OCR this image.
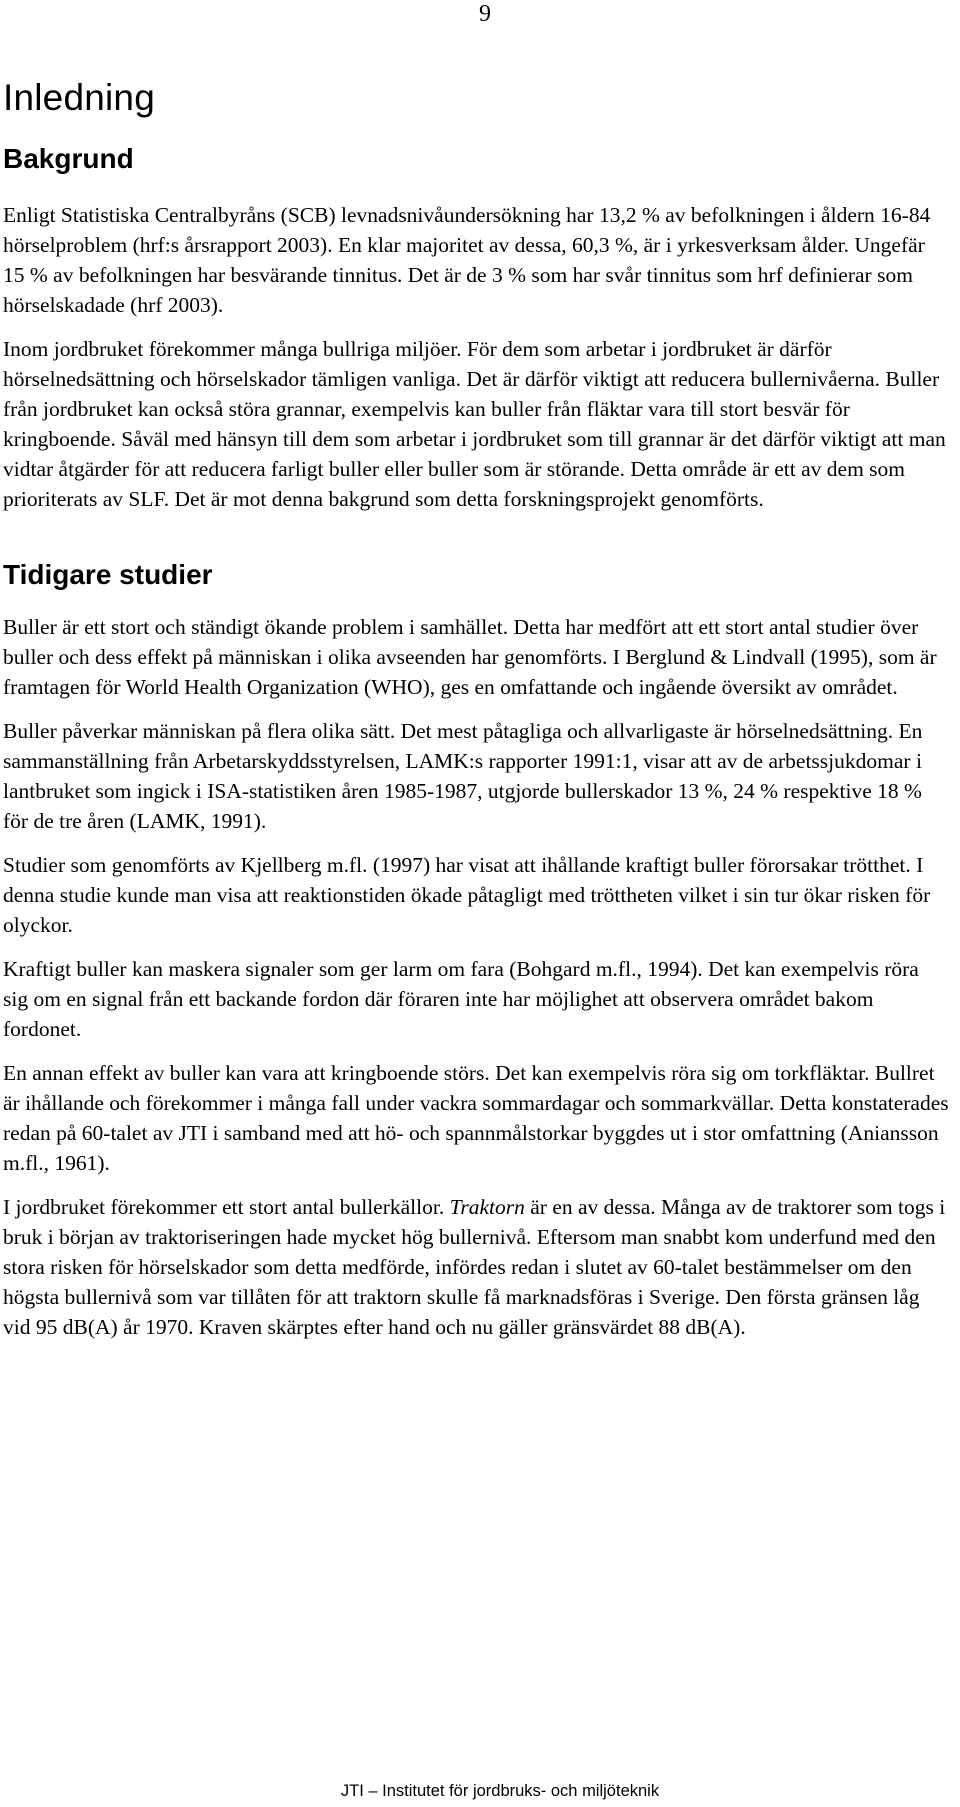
9
Inledning
Bakgrund

Enligt Statistiska Centralbyråns (SCB) levnadsnivåundersökning har 13,2 % av befolkningen i åldern 16-84 hörselproblem (hrf:s årsrapport 2003). En klar majoritet av dessa, 60,3 %, är i yrkesverksam ålder. Ungefär 15 % av befolkningen har besvärande tinnitus. Det är de 3 % som har svår tinnitus som hrf definierar som hörselskadade (hrf 2003).

Inom jordbruket förekommer många bullriga miljöer. För dem som arbetar i jordbruket är därför hörselnedsättning och hörselskador tämligen vanliga. Det är därför viktigt att reducera bullernivåerna. Buller från jordbruket kan också störa grannar, exempelvis kan buller från fläktar vara till stort besvär för kringboende. Såväl med hänsyn till dem som arbetar i jordbruket som till grannar är det därför viktigt att man vidtar åtgärder för att reducera farligt buller eller buller som är störande. Detta område är ett av dem som prioriterats av SLF. Det är mot denna bakgrund som detta forskningsprojekt genomförts.

Tidigare studier

Buller är ett stort och ständigt ökande problem i samhället. Detta har medfört att ett stort antal studier över buller och dess effekt på människan i olika avseenden har genomförts. I Berglund & Lindvall (1995), som är framtagen för World Health Organization (WHO), ges en omfattande och ingående översikt av området.

Buller påverkar människan på flera olika sätt. Det mest påtagliga och allvarligaste är hörselnedsättning. En sammanställning från Arbetarskyddsstyrelsen, LAMK:s rapporter 1991:1, visar att av de arbetssjukdomar i lantbruket som ingick i ISA-statistiken åren 1985-1987, utgjorde bullerskador 13 %, 24 % respektive 18 % för de tre åren (LAMK, 1991).

Studier som genomförts av Kjellberg m.fl. (1997) har visat att ihållande kraftigt buller förorsakar trötthet. I denna studie kunde man visa att reaktionstiden ökade påtagligt med tröttheten vilket i sin tur ökar risken för olyckor.

Kraftigt buller kan maskera signaler som ger larm om fara (Bohgard m.fl., 1994). Det kan exempelvis röra sig om en signal från ett backande fordon där föraren inte har möjlighet att observera området bakom fordonet.

En annan effekt av buller kan vara att kringboende störs. Det kan exempelvis röra sig om torkfläktar. Bullret är ihållande och förekommer i många fall under vackra sommardagar och sommarkvällar. Detta konstaterades redan på 60-talet av JTI i samband med att hö- och spannmålstorkar byggdes ut i stor omfattning (Aniansson m.fl., 1961).

I jordbruket förekommer ett stort antal bullerkällor. Traktorn är en av dessa. Många av de traktorer som togs i bruk i början av traktoriseringen hade mycket hög bullernivå. Eftersom man snabbt kom underfund med den stora risken för hörselskador som detta medförde, infördes redan i slutet av 60-talet bestämmelser om den högsta bullernivå som var tillåten för att traktorn skulle få marknadsföras i Sverige. Den första gränsen låg vid 95 dB(A) år 1970. Kraven skärptes efter hand och nu gäller gränsvärdet 88 dB(A).

JTI – Institutet för jordbruks- och miljöteknik
